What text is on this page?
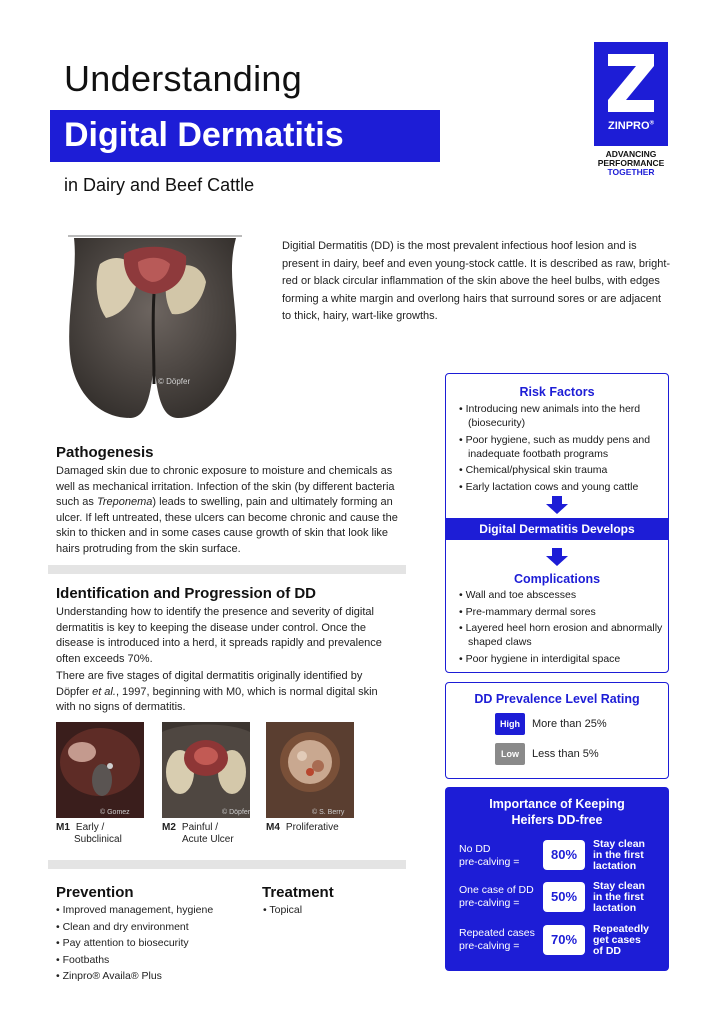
Understanding
Digital Dermatitis
in Dairy and Beef Cattle
ZINPRO®
ADVANCING
PERFORMANCE
TOGETHER
© Döpfer
Digitial Dermatitis (DD) is the most prevalent infectious hoof lesion and is present in dairy, beef and even young-stock cattle. It is described as raw, bright-red or black circular inflammation of the skin above the heel bulbs, with edges forming a white margin and overlong hairs that surround sores or are adjacent to thick, hairy, wart-like growths.
Pathogenesis
Damaged skin due to chronic exposure to moisture and chemicals as well as mechanical irritation. Infection of the skin (by different bacteria such as Treponema) leads to swelling, pain and ultimately forming an ulcer. If left untreated, these ulcers can become chronic and cause the skin to thicken and in some cases cause growth of skin that look like hairs protruding from the skin surface.
Identification and Progression of DD
Understanding how to identify the presence and severity of digital dermatitis is key to keeping the disease under control. Once the disease is introduced into a herd, it spreads rapidly and prevalence often exceeds 70%.
There are five stages of digital dermatitis originally identified by Döpfer et al., 1997, beginning with M0, which is normal digital skin with no signs of dermatitis.
© Gomez	© Döpfer	© S. Berry
M1 Early /
Subclinical
M2 Painful /
Acute Ulcer
M4 Proliferative
Prevention
• Improved management, hygiene
• Clean and dry environment
• Pay attention to biosecurity
• Footbaths
• Zinpro® Availa® Plus
Treatment
• Topical
Risk Factors
• Introducing new animals into the herd (biosecurity)
• Poor hygiene, such as muddy pens and inadequate footbath programs
• Chemical/physical skin trauma
• Early lactation cows and young cattle
Digital Dermatitis Develops
Complications
• Wall and toe abscesses
• Pre-mammary dermal sores
• Layered heel horn erosion and abnormally shaped claws
• Poor hygiene in interdigital space
DD Prevalence Level Rating
High	More than 25%
Low	Less than 5%
Importance of Keeping
Heifers DD-free
No DD
pre-calving =	80%
Stay clean
in the first
lactation
One case of DD
pre-calving =	50%
Stay clean
in the first
lactation
Repeated cases
pre-calving =	70%
Repeatedly
get cases
of DD
